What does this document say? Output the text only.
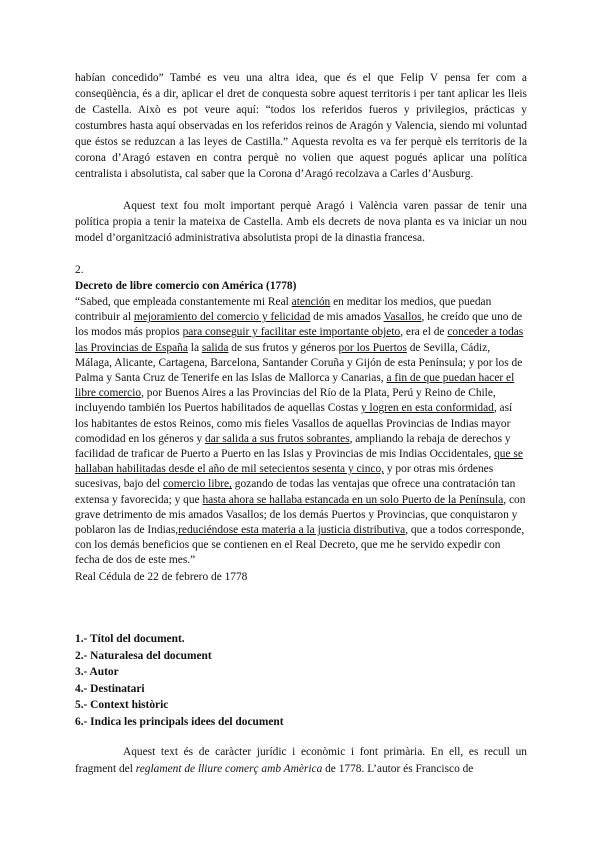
habían concedido” També es veu una altra idea, que és el que Felip V pensa fer com a conseqüència, és a dir, aplicar el dret de conquesta sobre aquest territoris i per tant aplicar les lleis de Castella. Això es pot veure aquí: “todos los referidos fueros y privilegios, prácticas y costumbres hasta aquí observadas en los referidos reinos de Aragón y Valencia, siendo mi voluntad que éstos se reduzcan a las leyes de Castilla.” Aquesta revolta es va fer perquè els territoris de la corona d’Aragó estaven en contra perquè no volien que aquest pogués aplicar una política centralista i absolutista, cal saber que la Corona d’Aragó recolzava a Carles d’Ausburg.

Aquest text fou molt important perquè Aragó i València varen passar de tenir una política propia a tenir la mateixa de Castella. Amb els decrets de nova planta es va iniciar un nou model d’organització administrativa absolutista propi de la dinastia francesa.

2.

Decreto de libre comercio con América (1778)

“Sabed, que empleada constantemente mi Real atención en meditar los medios, que puedan contribuir al mejoramiento del comercio y felicidad de mis amados Vasallos, he creído que uno de los modos más propios para conseguir y facilitar este importante objeto, era el de conceder a todas las Provincias de España la salida de sus frutos y géneros por los Puertos de Sevilla, Cádiz, Málaga, Alicante, Cartagena, Barcelona, Santander Coruña y Gijón de esta Península; y por los de Palma y Santa Cruz de Tenerife en las Islas de Mallorca y Canarias, a fin de que puedan hacer el libre comercio, por Buenos Aires a las Provincias del Río de la Plata, Perú y Reino de Chile, incluyendo también los Puertos habilitados de aquellas Costas y logren en esta conformidad, así los habitantes de estos Reinos, como mis fieles Vasallos de aquellas Provincias de Indias mayor comodidad en los géneros y dar salida a sus frutos sobrantes, ampliando la rebaja de derechos y facilidad de traficar de Puerto a Puerto en las Islas y Provincias de mis Indias Occidentales, que se hallaban habilitadas desde el año de mil setecientos sesenta y cinco, y por otras mis órdenes sucesivas, bajo del comercio libre, gozando de todas las ventajas que ofrece una contratación tan extensa y favorecida; y que hasta ahora se hallaba estancada en un solo Puerto de la Península, con grave detrimento de mis amados Vasallos; de los demás Puertos y Provincias, que conquistaron y poblaron las de Indias,reduciéndose esta materia a la justicia distributiva, que a todos corresponde, con los demás beneficios que se contienen en el Real Decreto, que me he servido expedir con fecha de dos de este mes.”

Real Cédula de 22 de febrero de 1778

1.- Títol del document.

2.- Naturalesa del document

3.- Autor

4.- Destinatari

5.- Context històric

6.- Indica les principals idees del document

Aquest text és de caràcter jurídic i econòmic i font primària. En ell, es recull un fragment del reglament de lliure comerç amb Amèrica de 1778. L’autor és Francisco de
